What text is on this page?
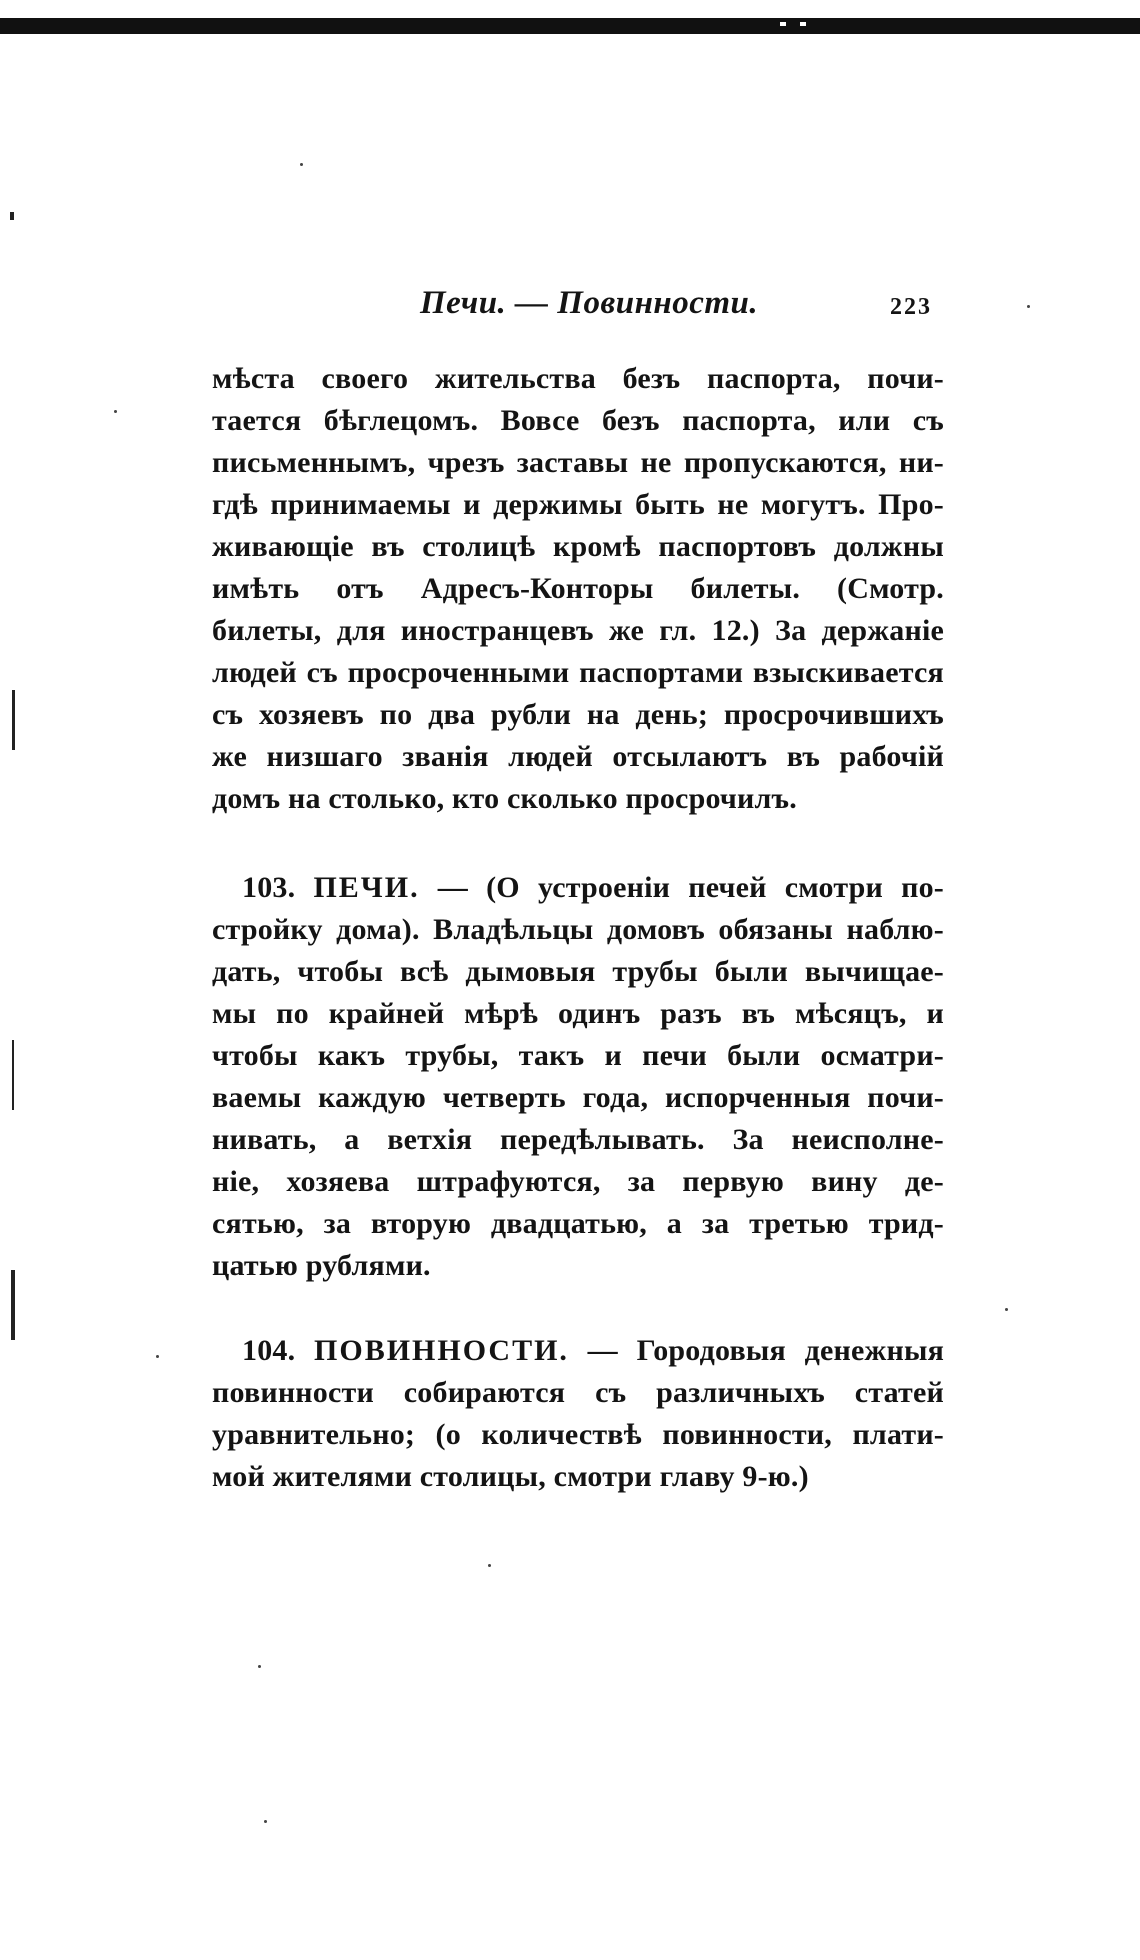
Печи. — Повинности.	223
мѣста своего жительства безъ паспорта, почи-
тается бѣглецомъ. Вовсе безъ паспорта, или съ
письменнымъ, чрезъ заставы не пропускаются, ни-
гдѣ принимаемы и держимы быть не могутъ. Про-
живающіе въ столицѣ кромѣ паспортовъ должны
имѣть отъ Адресъ-Конторы билеты. (Смотр.
билеты, для иностранцевъ же гл. 12.) За держаніе
людей съ просроченными паспортами взыскивается
съ хозяевъ по два рубли на день; просрочившихъ
же низшаго званія людей отсылаютъ въ рабочій
домъ на столько, кто сколько просрочилъ.
103. ПЕЧИ. — (О устроеніи печей смотри по-
стройку дома). Владѣльцы домовъ обязаны наблю-
дать, чтобы всѣ дымовыя трубы были вычищае-
мы по крайней мѣрѣ одинъ разъ въ мѣсяцъ, и
чтобы какъ трубы, такъ и печи были осматри-
ваемы каждую четверть года, испорченныя почи-
нивать, а ветхія передѣлывать. За неисполне-
ніе, хозяева штрафуются, за первую вину де-
сятью, за вторую двадцатью, а за третью трид-
цатью рублями.
104. ПОВИННОСТИ. — Городовыя денежныя
повинности собираются съ различныхъ статей
уравнительно; (о количествѣ повинности, плати-
мой жителями столицы, смотри главу 9-ю.)
